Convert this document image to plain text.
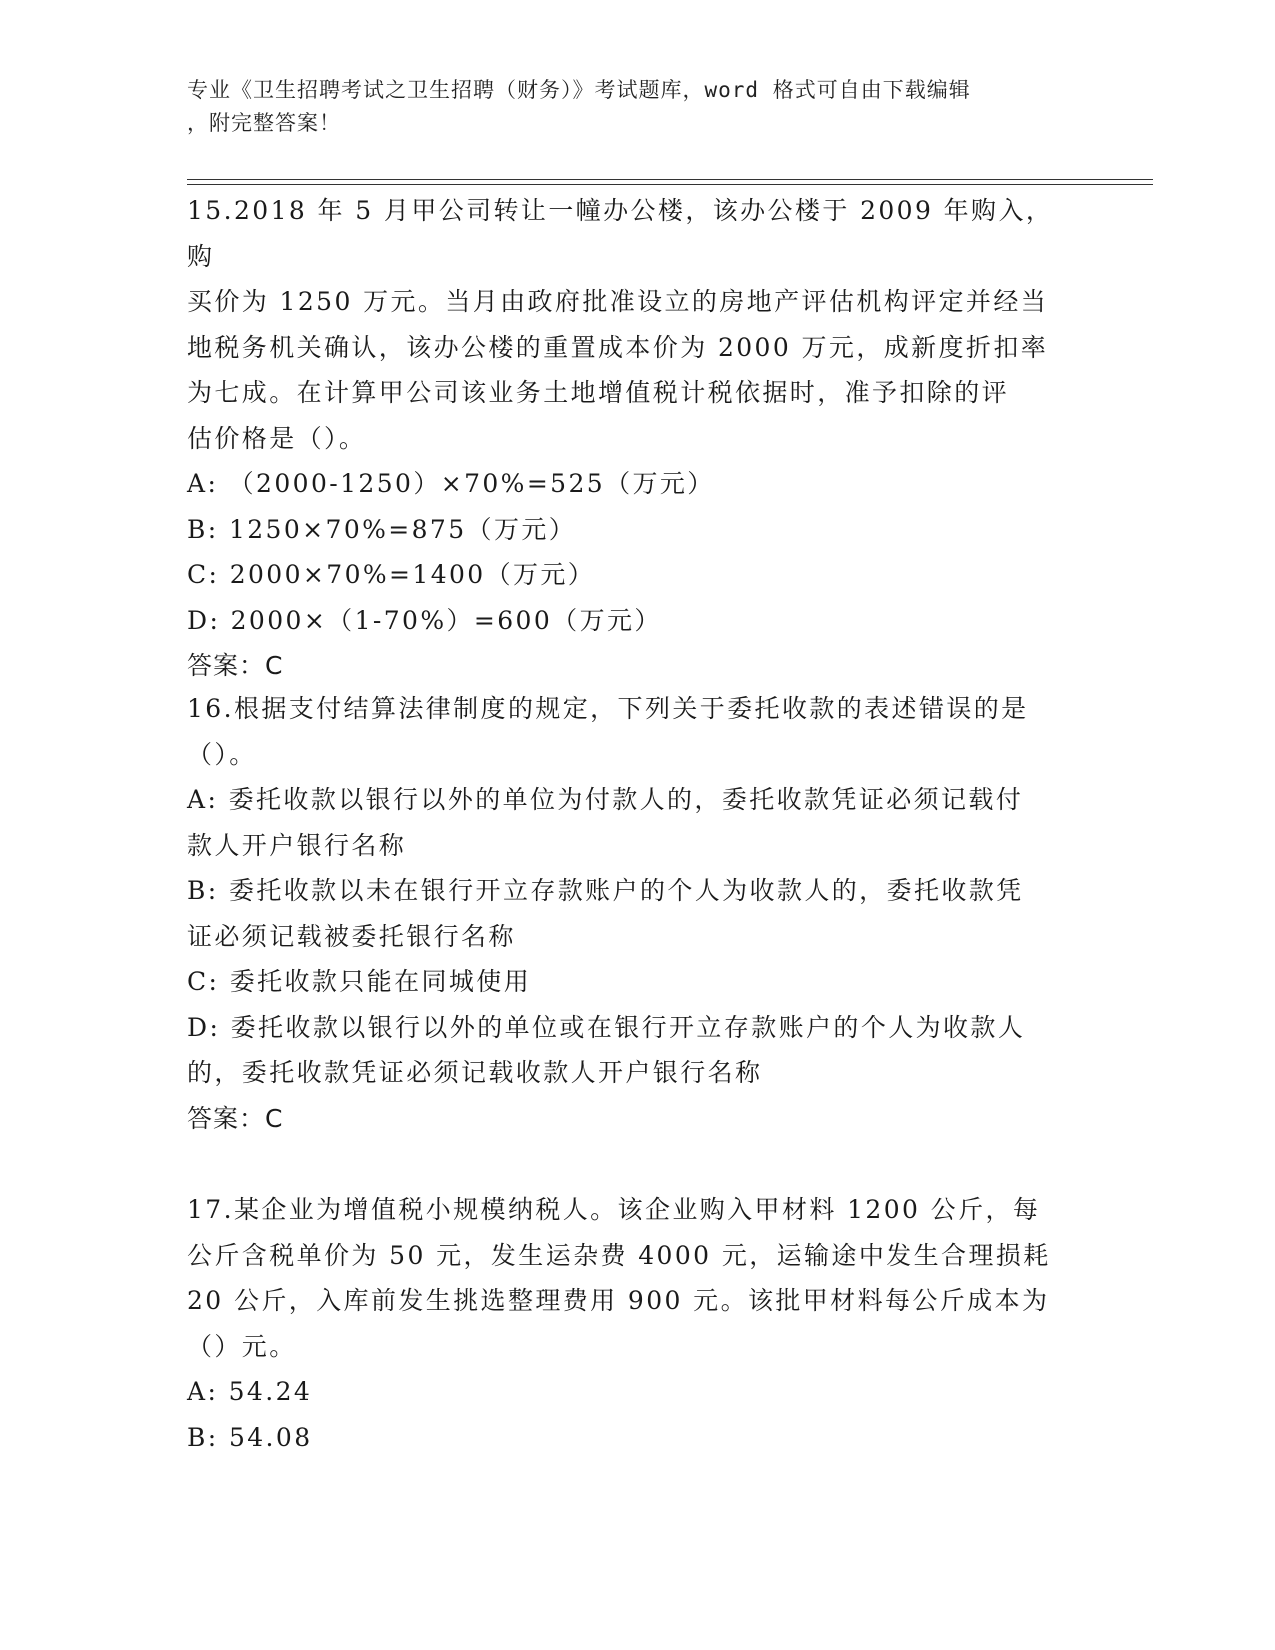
专业《卫生招聘考试之卫生招聘（财务）》考试题库，word 格式可自由下载编辑
，附完整答案！
15.2018 年 5 月甲公司转让一幢办公楼，该办公楼于 2009 年购入，购
买价为 1250 万元。当月由政府批准设立的房地产评估机构评定并经当
地税务机关确认，该办公楼的重置成本价为 2000 万元，成新度折扣率
为七成。在计算甲公司该业务土地增值税计税依据时，准予扣除的评
估价格是（）。
A: （2000-1250）×70%=525（万元）
B: 1250×70%=875（万元）
C: 2000×70%=1400（万元）
D: 2000×（1-70%）=600（万元）
答案：C
16.根据支付结算法律制度的规定，下列关于委托收款的表述错误的是
（）。
A: 委托收款以银行以外的单位为付款人的，委托收款凭证必须记载付
款人开户银行名称
B: 委托收款以未在银行开立存款账户的个人为收款人的，委托收款凭
证必须记载被委托银行名称
C: 委托收款只能在同城使用
D: 委托收款以银行以外的单位或在银行开立存款账户的个人为收款人
的，委托收款凭证必须记载收款人开户银行名称
答案：C
17.某企业为增值税小规模纳税人。该企业购入甲材料 1200 公斤，每
公斤含税单价为 50 元，发生运杂费 4000 元，运输途中发生合理损耗
20 公斤，入库前发生挑选整理费用 900 元。该批甲材料每公斤成本为
（）元。
A: 54.24
B: 54.08
